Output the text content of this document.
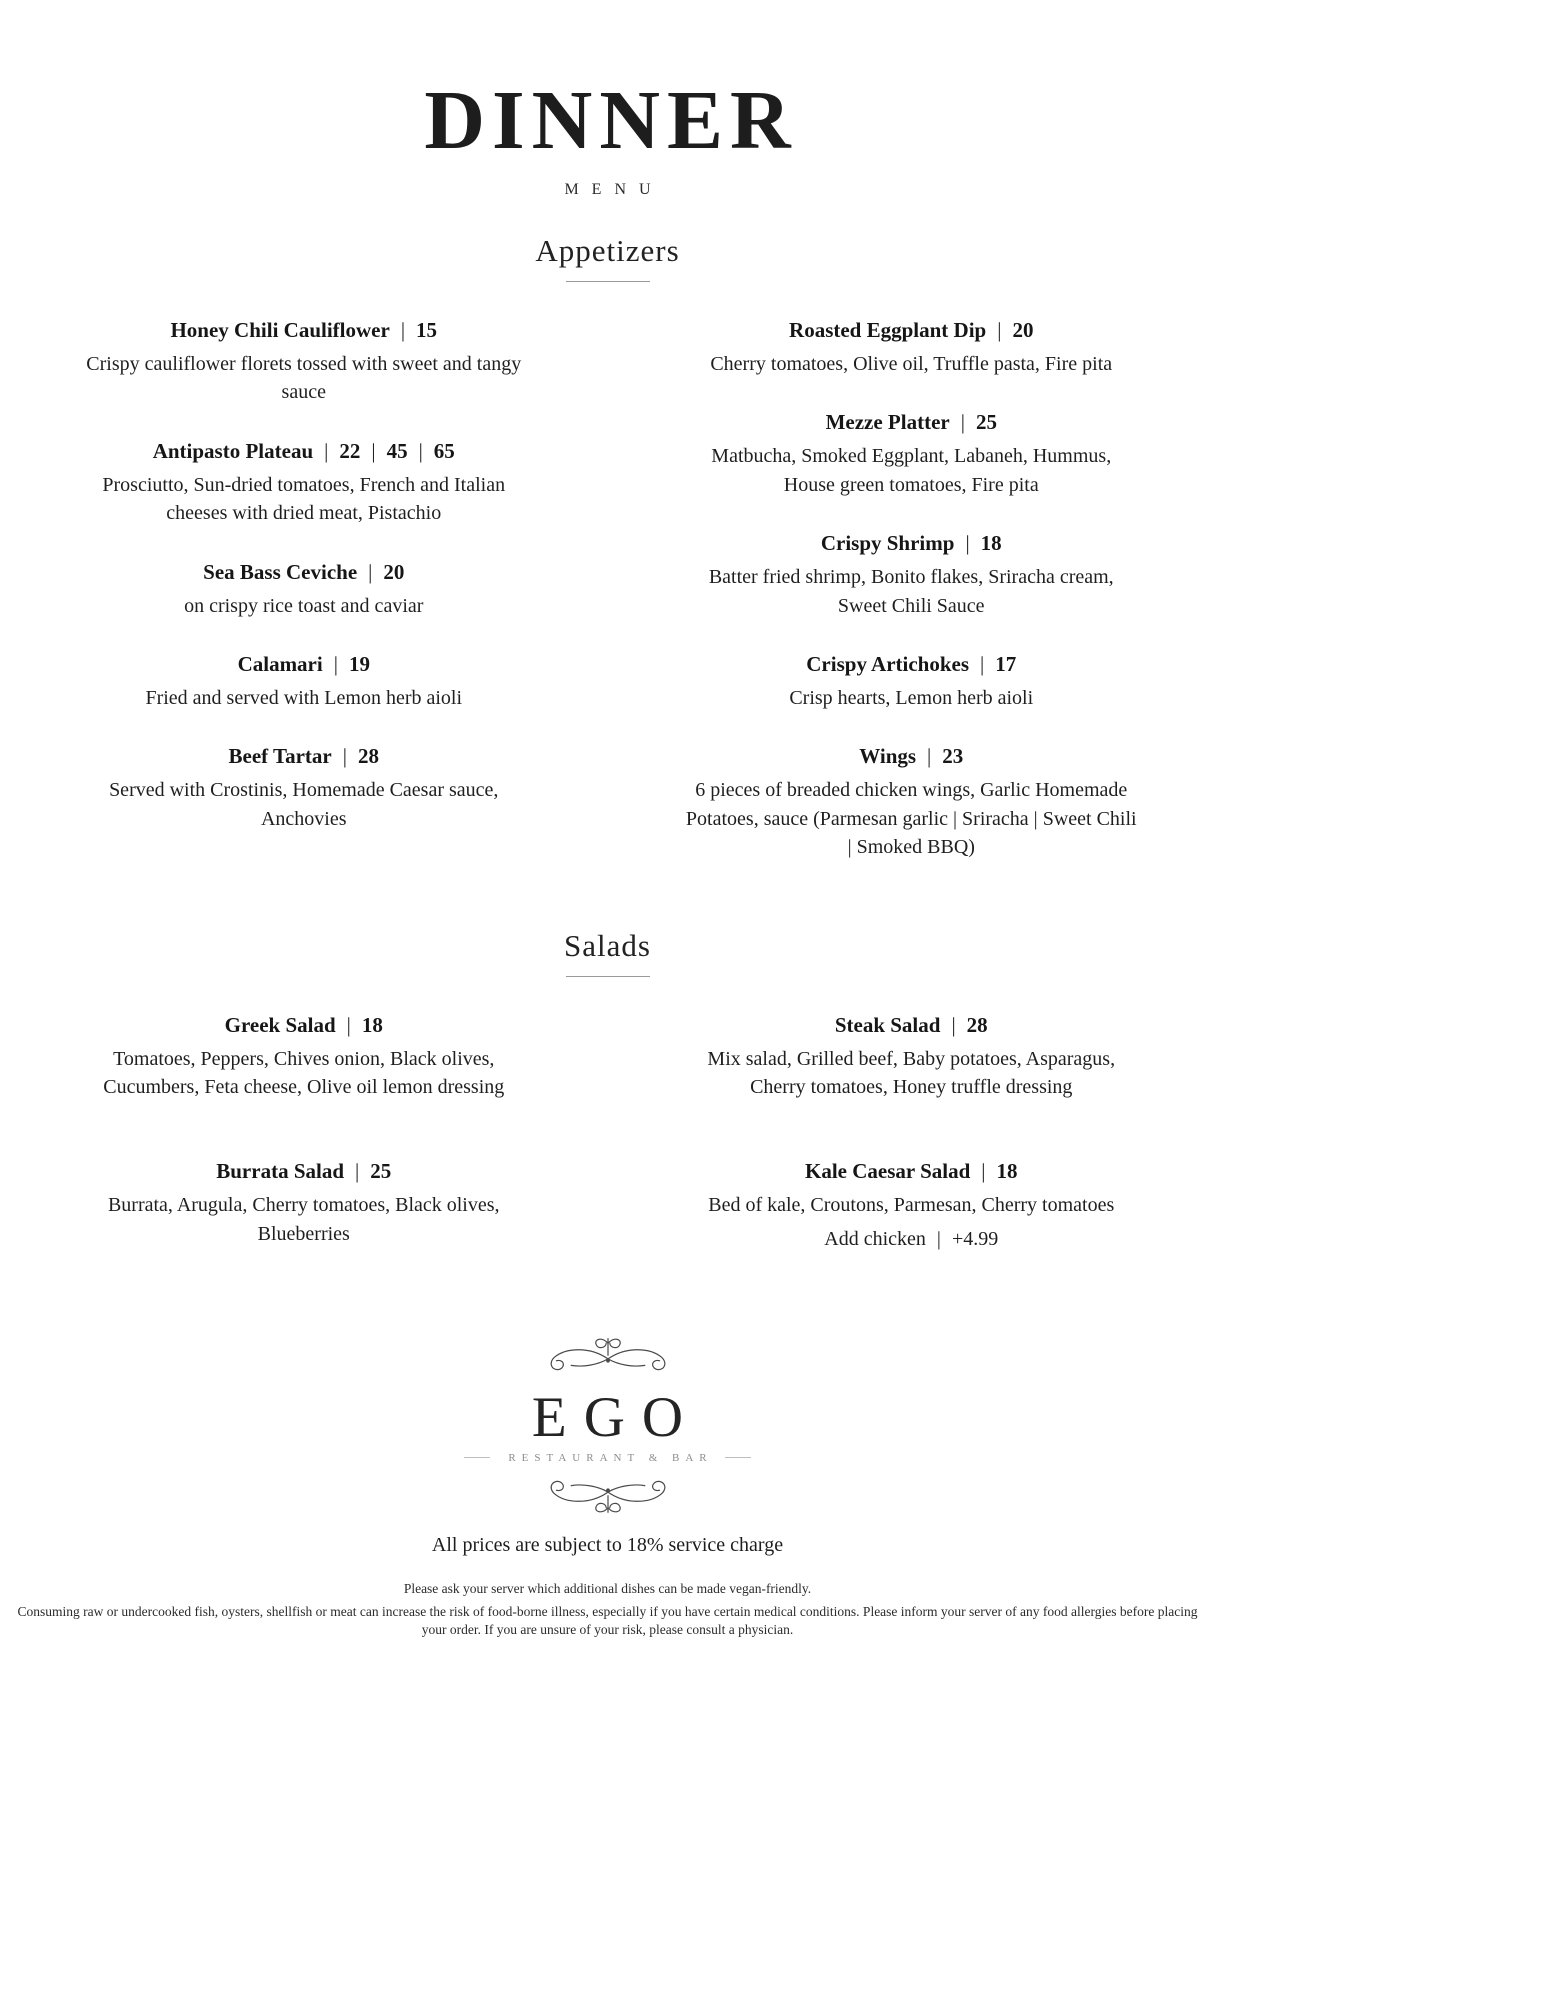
DINNER
MENU
Appetizers
Honey Chili Cauliflower | 15
Crispy cauliflower florets tossed with sweet and tangy sauce
Antipasto Plateau | 22 | 45 | 65
Prosciutto, Sun-dried tomatoes, French and Italian cheeses with dried meat, Pistachio
Sea Bass Ceviche | 20
on crispy rice toast and caviar
Calamari | 19
Fried and served with Lemon herb aioli
Beef Tartar | 28
Served with Crostinis, Homemade Caesar sauce, Anchovies
Roasted Eggplant Dip | 20
Cherry tomatoes, Olive oil, Truffle pasta, Fire pita
Mezze Platter | 25
Matbucha, Smoked Eggplant, Labaneh, Hummus, House green tomatoes, Fire pita
Crispy Shrimp | 18
Batter fried shrimp, Bonito flakes, Sriracha cream, Sweet Chili Sauce
Crispy Artichokes | 17
Crisp hearts, Lemon herb aioli
Wings | 23
6 pieces of breaded chicken wings, Garlic Homemade Potatoes, sauce (Parmesan garlic | Sriracha | Sweet Chili | Smoked BBQ)
Salads
Greek Salad | 18
Tomatoes, Peppers, Chives onion, Black olives, Cucumbers, Feta cheese, Olive oil lemon dressing
Burrata Salad | 25
Burrata, Arugula, Cherry tomatoes, Black olives, Blueberries
Steak Salad | 28
Mix salad, Grilled beef, Baby potatoes, Asparagus, Cherry tomatoes, Honey truffle dressing
Kale Caesar Salad | 18
Bed of kale, Croutons, Parmesan, Cherry tomatoes
Add chicken | +4.99
EGO
RESTAURANT & BAR
All prices are subject to 18% service charge
Please ask your server which additional dishes can be made vegan-friendly.
Consuming raw or undercooked fish, oysters, shellfish or meat can increase the risk of food-borne illness, especially if you have certain medical conditions. Please inform your server of any food allergies before placing your order. If you are unsure of your risk, please consult a physician.
